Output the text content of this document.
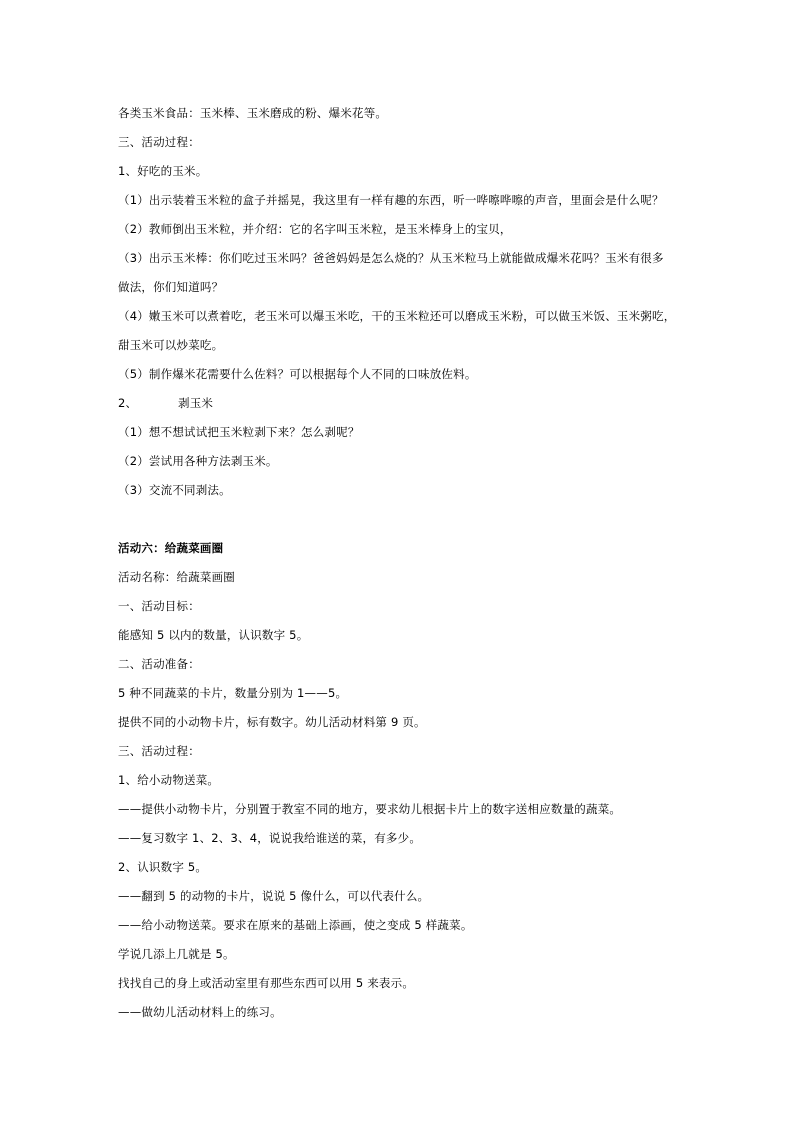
各类玉米食品：玉米棒、玉米磨成的粉、爆米花等。
三、活动过程：
1、好吃的玉米。
（1）出示装着玉米粒的盒子并摇晃，我这里有一样有趣的东西，听一哗嚓哗嚓的声音，里面会是什么呢？
（2）教师倒出玉米粒，并介绍：它的名字叫玉米粒，是玉米棒身上的宝贝，
（3）出示玉米棒：你们吃过玉米吗？爸爸妈妈是怎么烧的？从玉米粒马上就能做成爆米花吗？玉米有很多
做法，你们知道吗？
（4）嫩玉米可以煮着吃，老玉米可以爆玉米吃，干的玉米粒还可以磨成玉米粉，可以做玉米饭、玉米粥吃，
甜玉米可以炒菜吃。
（5）制作爆米花需要什么佐料？可以根据每个人不同的口味放佐料。
2、	剥玉米
（1）想不想试试把玉米粒剥下来？怎么剥呢？
（2）尝试用各种方法剥玉米。
（3）交流不同剥法。
活动六：给蔬菜画圈
活动名称：给蔬菜画圈
一、活动目标：
能感知 5 以内的数量，认识数字 5。
二、活动准备：
5 种不同蔬菜的卡片，数量分别为 1——5。
提供不同的小动物卡片，标有数字。幼儿活动材料第 9 页。
三、活动过程：
1、给小动物送菜。
——提供小动物卡片，分别置于教室不同的地方，要求幼儿根据卡片上的数字送相应数量的蔬菜。
——复习数字 1、2、3、4，说说我给谁送的菜，有多少。
2、认识数字 5。
——翻到 5 的动物的卡片，说说 5 像什么，可以代表什么。
——给小动物送菜。要求在原来的基础上添画，使之变成 5 样蔬菜。
学说几添上几就是 5。
找找自己的身上或活动室里有那些东西可以用 5 来表示。
——做幼儿活动材料上的练习。
